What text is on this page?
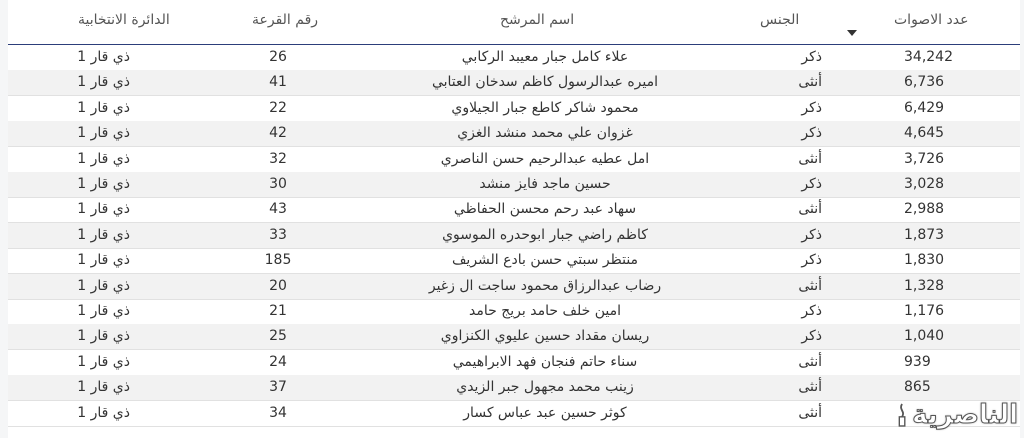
عدد الاصوات
الجنس
اسم المرشح
رقم القرعة
الدائرة الانتخابية
34,242
ذكر
علاء كامل جبار معيبد الركابي
26
ذي قار 1
6,736
أنثى
اميره عبدالرسول كاظم سدخان العتابي
41
ذي قار 1
6,429
ذكر
محمود شاكر كاطع جبار الجيلاوي
22
ذي قار 1
4,645
ذكر
غزوان علي محمد منشد الغزي
42
ذي قار 1
3,726
أنثى
امل عطيه عبدالرحيم حسن الناصري
32
ذي قار 1
3,028
ذكر
حسين ماجد فايز منشد
30
ذي قار 1
2,988
أنثى
سهاد عبد رحم محسن الحفاظي
43
ذي قار 1
1,873
ذكر
كاظم راضي جبار ابوحدره الموسوي
33
ذي قار 1
1,830
ذكر
منتظر سبتي حسن بادع الشريف
185
ذي قار 1
1,328
أنثى
رضاب عبدالرزاق محمود ساجت ال زغير
20
ذي قار 1
1,176
ذكر
امين خلف حامد بريج حامد
21
ذي قار 1
1,040
ذكر
ريسان مقداد حسين عليوي الكنزاوي
25
ذي قار 1
939
أنثى
سناء حاتم فنجان فهد الابراهيمي
24
ذي قار 1
865
أنثى
زينب محمد مجهول جبر الزيدي
37
ذي قار 1
أنثى
كوثر حسين عبد عباس كسار
34
ذي قار 1	الناصرية
